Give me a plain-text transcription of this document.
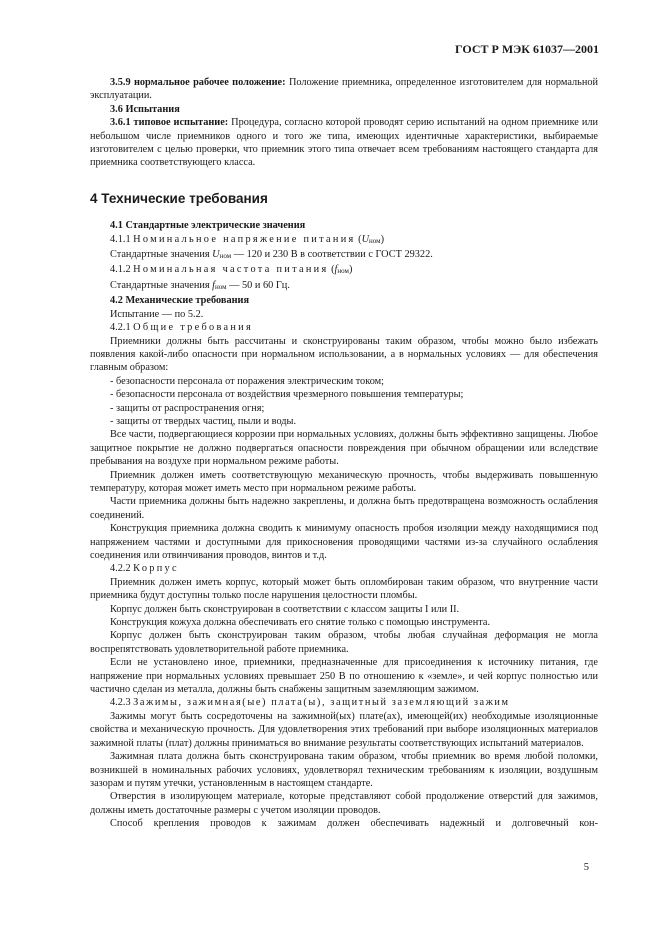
ГОСТ Р МЭК 61037—2001

3.5.9 нормальное рабочее положение: Положение приемника, определенное изготовителем для нормальной эксплуатации.

3.6 Испытания

3.6.1 типовое испытание: Процедура, согласно которой проводят серию испытаний на одном приемнике или небольшом числе приемников одного и того же типа, имеющих идентичные характеристики, выбираемые изготовителем с целью проверки, что приемник этого типа отвечает всем требованиям настоящего стандарта для приемника соответствующего класса.

4 Технические требования

4.1 Стандартные электрические значения

4.1.1 Номинальное напряжение питания (Uном)

Стандартные значения Uном — 120 и 230 В в соответствии с ГОСТ 29322.

4.1.2 Номинальная частота питания (fном)

Стандартные значения fном — 50 и 60 Гц.

4.2 Механические требования

Испытание — по 5.2.

4.2.1 Общие требования

Приемники должны быть рассчитаны и сконструированы таким образом, чтобы можно было избежать появления какой-либо опасности при нормальном использовании, а в нормальных условиях — для обеспечения главным образом:

- безопасности персонала от поражения электрическим током;

- безопасности персонала от воздействия чрезмерного повышения температуры;

- защиты от распространения огня;

- защиты от твердых частиц, пыли и воды.

Все части, подвергающиеся коррозии при нормальных условиях, должны быть эффективно защищены. Любое защитное покрытие не должно подвергаться опасности повреждения при обычном обращении или вследствие пребывания на воздухе при нормальном режиме работы.

Приемник должен иметь соответствующую механическую прочность, чтобы выдерживать повышенную температуру, которая может иметь место при нормальном режиме работы.

Части приемника должны быть надежно закреплены, и должна быть предотвращена возможность ослабления соединений.

Конструкция приемника должна сводить к минимуму опасность пробоя изоляции между находящимися под напряжением частями и доступными для прикосновения проводящими частями из-за случайного ослабления соединения или отвинчивания проводов, винтов и т.д.

4.2.2 Корпус

Приемник должен иметь корпус, который может быть опломбирован таким образом, что внутренние части приемника будут доступны только после нарушения целостности пломбы.

Корпус должен быть сконструирован в соответствии с классом защиты I или II.

Конструкция кожуха должна обеспечивать его снятие только с помощью инструмента.

Корпус должен быть сконструирован таким образом, чтобы любая случайная деформация не могла воспрепятствовать удовлетворительной работе приемника.

Если не установлено иное, приемники, предназначенные для присоединения к источнику питания, где напряжение при нормальных условиях превышает 250 В по отношению к «земле», и чей корпус полностью или частично сделан из металла, должны быть снабжены защитным заземляющим зажимом.

4.2.3 Зажимы, зажимная(ые) плата(ы), защитный заземляющий зажим

Зажимы могут быть сосредоточены на зажимной(ых) плате(ах), имеющей(их) необходимые изоляционные свойства и механическую прочность. Для удовлетворения этих требований при выборе изоляционных материалов зажимной платы (плат) должны приниматься во внимание результаты соответствующих испытаний материалов.

Зажимная плата должна быть сконструирована таким образом, чтобы приемник во время любой поломки, возникшей в номинальных рабочих условиях, удовлетворял техническим требованиям к изоляции, воздушным зазорам и путям утечки, установленным в настоящем стандарте.

Отверстия в изолирующем материале, которые представляют собой продолжение отверстий для зажимов, должны иметь достаточные размеры с учетом изоляции проводов.

Способ крепления проводов к зажимам должен обеспечивать надежный и долговечный кон-

5
